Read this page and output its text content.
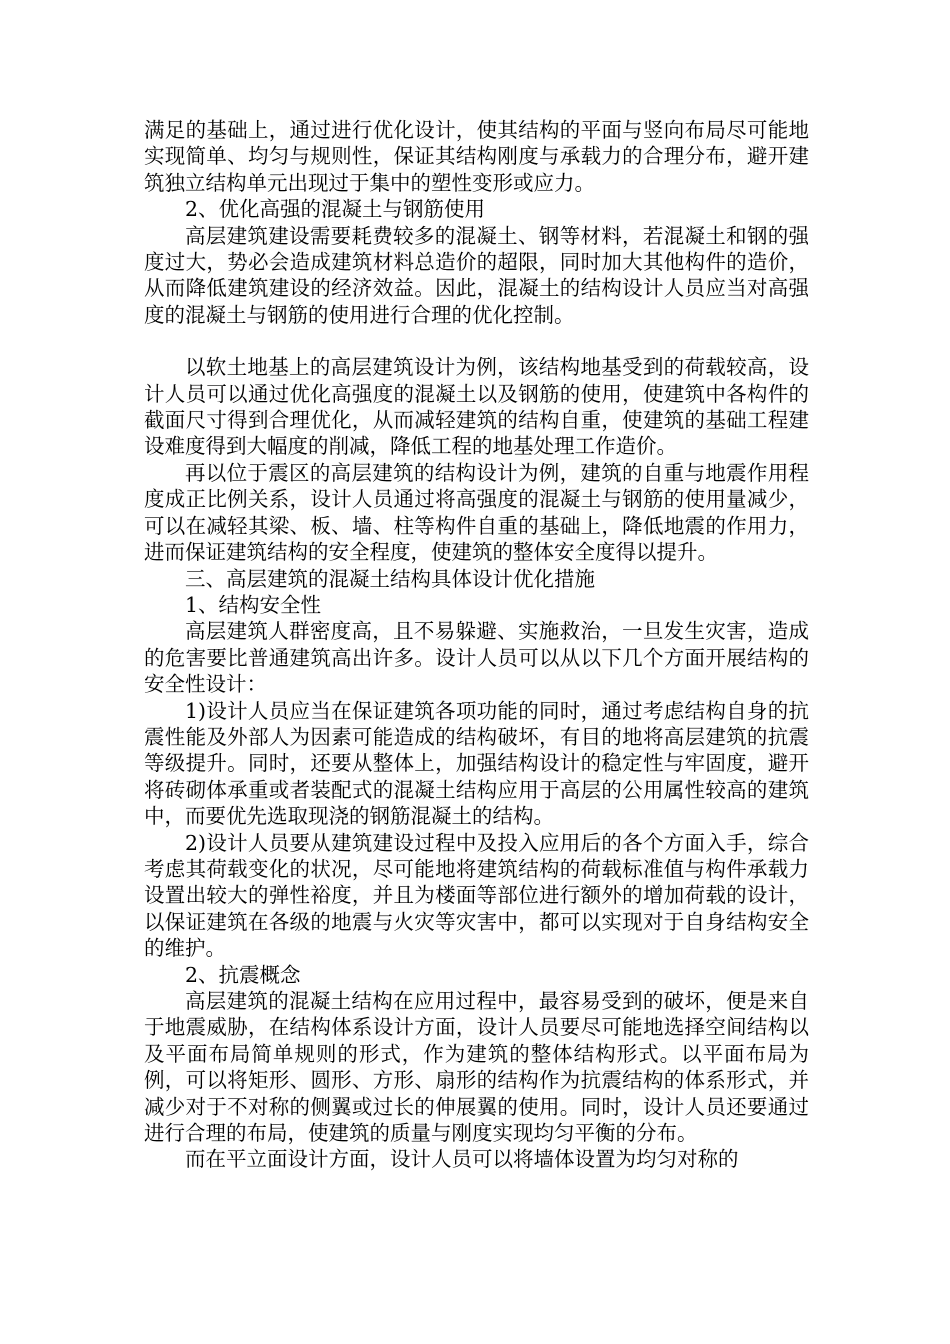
满足的基础上，通过进行优化设计，使其结构的平面与竖向布局尽可能地实现简单、均匀与规则性，保证其结构刚度与承载力的合理分布，避开建筑独立结构单元出现过于集中的塑性变形或应力。

2、优化高强的混凝土与钢筋使用

高层建筑建设需要耗费较多的混凝土、钢等材料，若混凝土和钢的强度过大，势必会造成建筑材料总造价的超限，同时加大其他构件的造价，从而降低建筑建设的经济效益。因此，混凝土的结构设计人员应当对高强度的混凝土与钢筋的使用进行合理的优化控制。

以软土地基上的高层建筑设计为例，该结构地基受到的荷载较高，设计人员可以通过优化高强度的混凝土以及钢筋的使用，使建筑中各构件的截面尺寸得到合理优化，从而减轻建筑的结构自重，使建筑的基础工程建设难度得到大幅度的削减，降低工程的地基处理工作造价。

再以位于震区的高层建筑的结构设计为例，建筑的自重与地震作用程度成正比例关系，设计人员通过将高强度的混凝土与钢筋的使用量减少，可以在减轻其梁、板、墙、柱等构件自重的基础上，降低地震的作用力，进而保证建筑结构的安全程度，使建筑的整体安全度得以提升。

三、高层建筑的混凝土结构具体设计优化措施

1、结构安全性

高层建筑人群密度高，且不易躲避、实施救治，一旦发生灾害，造成的危害要比普通建筑高出许多。设计人员可以从以下几个方面开展结构的安全性设计：

1)设计人员应当在保证建筑各项功能的同时，通过考虑结构自身的抗震性能及外部人为因素可能造成的结构破坏，有目的地将高层建筑的抗震等级提升。同时，还要从整体上，加强结构设计的稳定性与牢固度，避开将砖砌体承重或者装配式的混凝土结构应用于高层的公用属性较高的建筑中，而要优先选取现浇的钢筋混凝土的结构。

2)设计人员要从建筑建设过程中及投入应用后的各个方面入手，综合考虑其荷载变化的状况，尽可能地将建筑结构的荷载标准值与构件承载力设置出较大的弹性裕度，并且为楼面等部位进行额外的增加荷载的设计，以保证建筑在各级的地震与火灾等灾害中，都可以实现对于自身结构安全的维护。

2、抗震概念

高层建筑的混凝土结构在应用过程中，最容易受到的破坏，便是来自于地震威胁，在结构体系设计方面，设计人员要尽可能地选择空间结构以及平面布局简单规则的形式，作为建筑的整体结构形式。以平面布局为例，可以将矩形、圆形、方形、扇形的结构作为抗震结构的体系形式，并减少对于不对称的侧翼或过长的伸展翼的使用。同时，设计人员还要通过进行合理的布局，使建筑的质量与刚度实现均匀平衡的分布。

而在平立面设计方面，设计人员可以将墙体设置为均匀对称的
